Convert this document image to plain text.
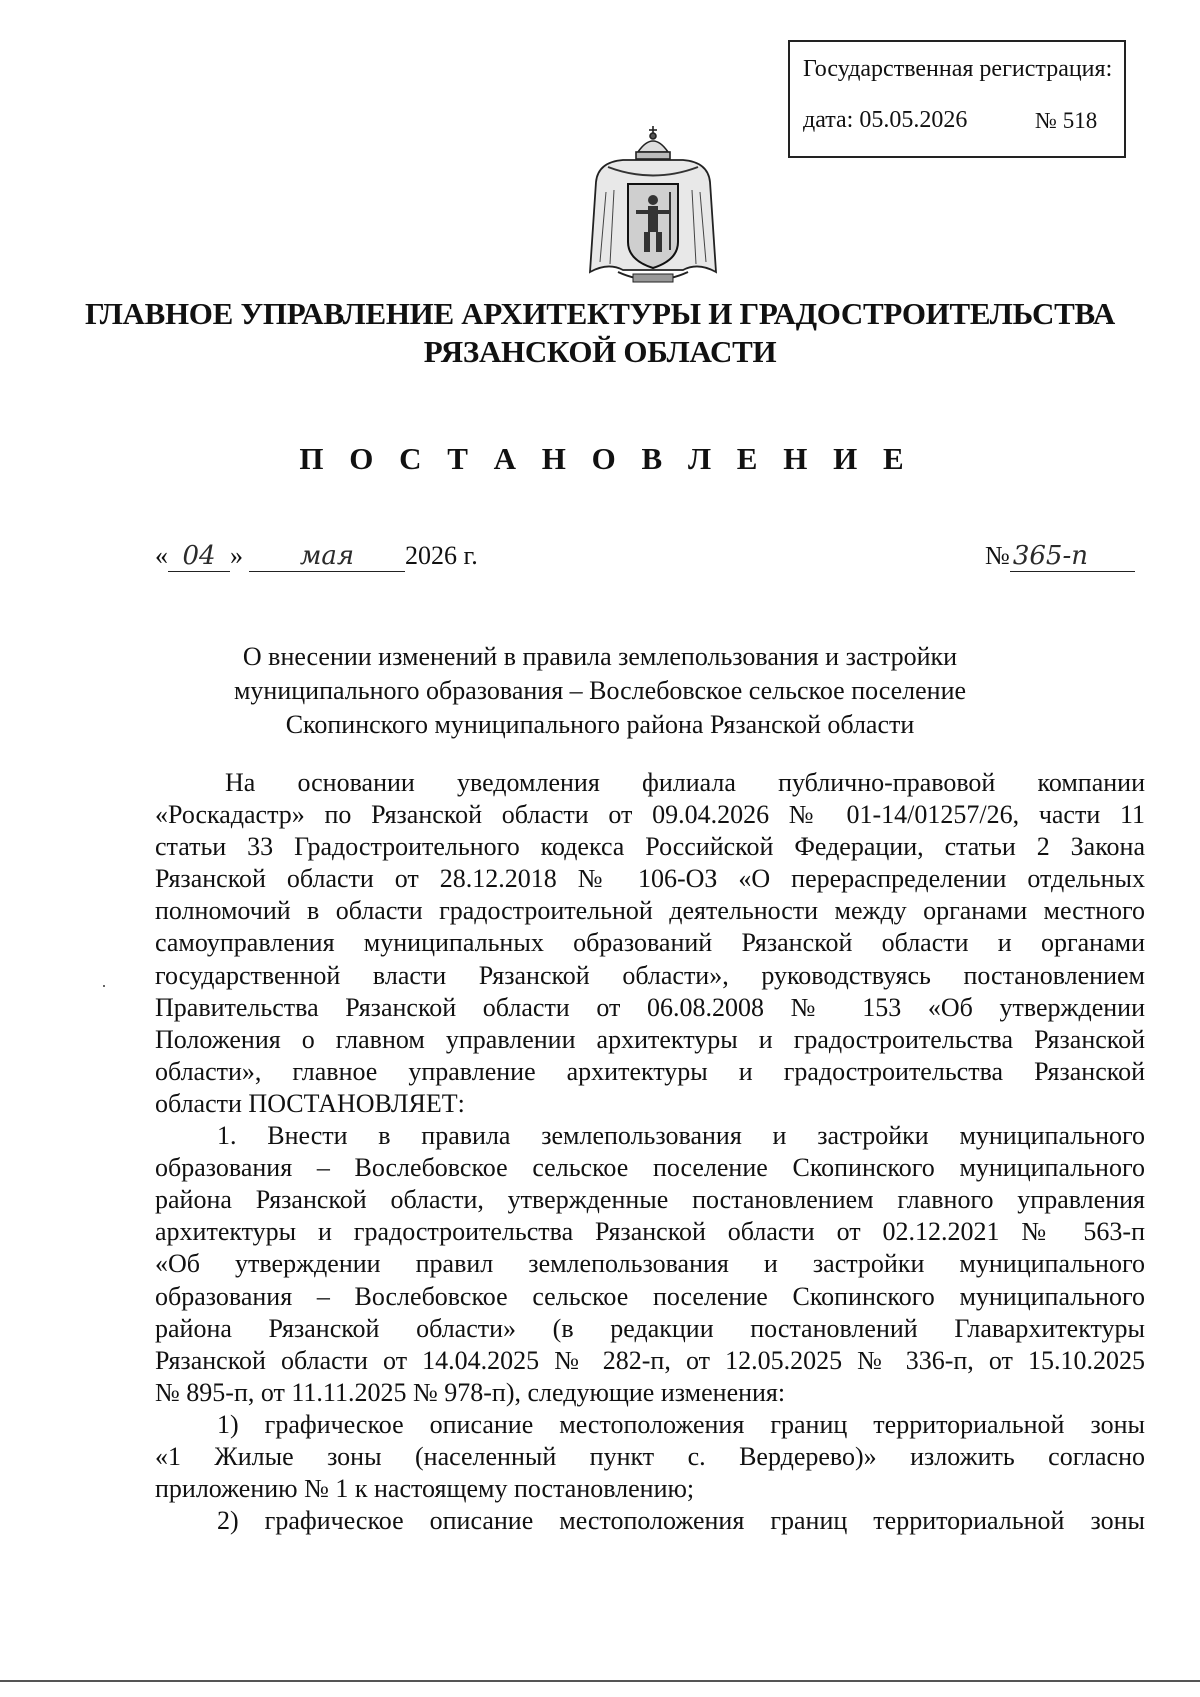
Государственная регистрация:
дата: 05.05.2026	№ 518
ГЛАВНОЕ УПРАВЛЕНИЕ АРХИТЕКТУРЫ И ГРАДОСТРОИТЕЛЬСТВА
РЯЗАНСКОЙ ОБЛАСТИ
П О С Т А Н О В Л Е Н И Е
« 04 » мая 2026 г.	№ 365-п
О внесении изменений в правила землепользования и застройки
муниципального образования – Вослебовское сельское поселение
Скопинского муниципального района Рязанской области
На основании уведомления филиала публично-правовой компании
«Роскадастр» по Рязанской области от 09.04.2026 № 01-14/01257/26, части 11
статьи 33 Градостроительного кодекса Российской Федерации, статьи 2 Закона
Рязанской области от 28.12.2018 № 106-ОЗ «О перераспределении отдельных
полномочий в области градостроительной деятельности между органами местного
самоуправления муниципальных образований Рязанской области и органами
государственной власти Рязанской области», руководствуясь постановлением
Правительства Рязанской области от 06.08.2008 № 153 «Об утверждении
Положения о главном управлении архитектуры и градостроительства Рязанской
области», главное управление архитектуры и градостроительства Рязанской
области ПОСТАНОВЛЯЕТ:
1. Внести в правила землепользования и застройки муниципального
образования – Вослебовское сельское поселение Скопинского муниципального
района Рязанской области, утвержденные постановлением главного управления
архитектуры и градостроительства Рязанской области от 02.12.2021 № 563-п
«Об утверждении правил землепользования и застройки муниципального
образования – Вослебовское сельское поселение Скопинского муниципального
района Рязанской области» (в редакции постановлений Главархитектуры
Рязанской области от 14.04.2025 № 282-п, от 12.05.2025 № 336-п, от 15.10.2025
№ 895-п, от 11.11.2025 № 978-п), следующие изменения:
1) графическое описание местоположения границ территориальной зоны
«1 Жилые зоны (населенный пункт с. Вердерево)» изложить согласно
приложению № 1 к настоящему постановлению;
2) графическое описание местоположения границ территориальной зоны
